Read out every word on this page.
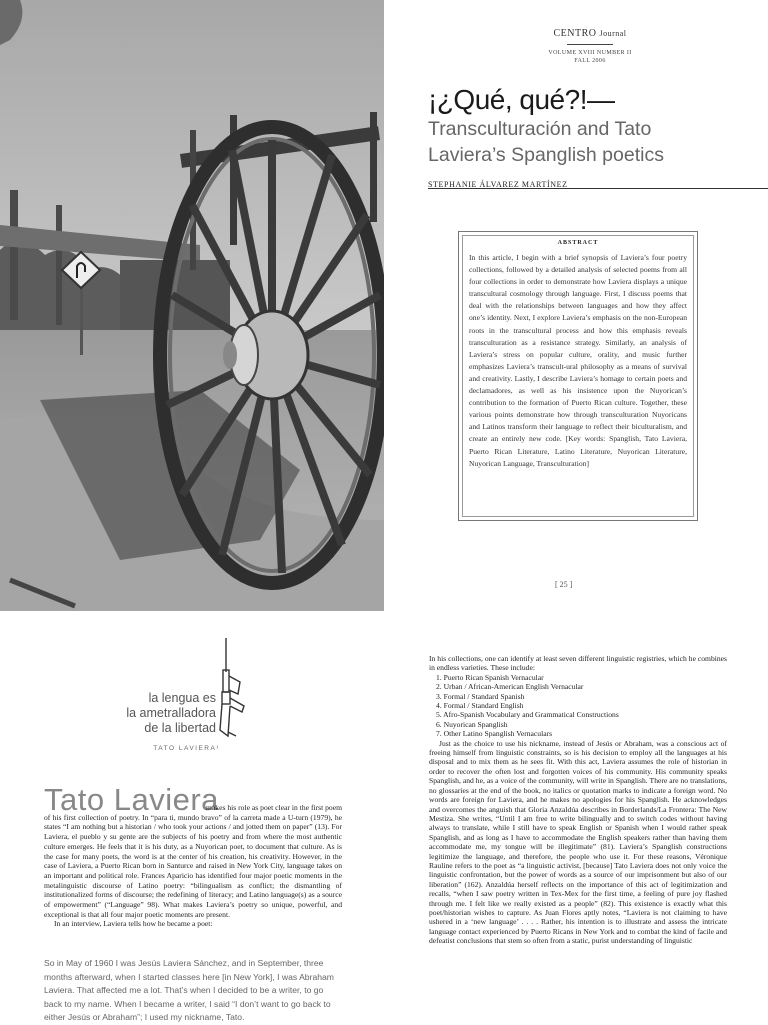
CENTRO Journal
VOLUME XVIII NUMBER II
FALL 2006
¡¿Qué, qué?!—
Transculturación and Tato
Laviera’s Spanglish poetics
STEPHANIE ÁLVAREZ MARTÍNEZ
ABSTRACT
In this article, I begin with a brief synopsis of Laviera’s four poetry collections, followed by a detailed analysis of selected poems from all four collections in order to demonstrate how Laviera displays a unique transcultural cosmology through language. First, I discuss poems that deal with the relationships between languages and how they affect one’s identity. Next, I explore Laviera’s emphasis on the non-European roots in the transcultural process and how this emphasis reveals transculturation as a resistance strategy. Similarly, an analysis of Laviera’s stress on popular culture, orality, and music further emphasizes Laviera’s transcult-ural philosophy as a means of survival and creativity. Lastly, I describe Laviera’s homage to certain poets and declamadores, as well as his insistence upon the Nuyorican’s contribution to the formation of Puerto Rican culture. Together, these various points demonstrate how through transculturation Nuyoricans and Latinos transform their language to reflect their biculturalism, and create an entirely new code. [Key words: Spanglish, Tato Laviera, Puerto Rican Literature, Latino Literature, Nuyorican Literature, Nuyorican Language, Transculturation]
[ 25 ]
la lengua es
la ametralladora
de la libertad
TATO LAVIERA¹
Tato Laviera

makes his role as poet clear in the first poem of his first collection of poetry. In “para ti, mundo bravo” of la carreta made a U-turn (1979), he states “I am nothing but a historian / who took your actions / and jotted them on paper” (13). For Laviera, el pueblo y su gente are the subjects of his poetry and from where the most authentic culture emerges. He feels that it is his duty, as a Nuyorican poet, to document that culture. As is the case for many poets, the word is at the center of his creation, his creativity. However, in the case of Laviera, a Puerto Rican born in Santurce and raised in New York City, language takes on an important and political role. Frances Aparicio has identified four major poetic moments in the metalinguistic discourse of Latino poetry: “bilingualism as conflict; the dismantling of institutionalized forms of discourse; the redefining of literacy; and Latino language(s) as a source of empowerment” (“Language” 98). What makes Laviera’s poetry so unique, powerful, and exceptional is that all four major poetic moments are present.

In an interview, Laviera tells how he became a poet:

So in May of 1960 I was Jesús Laviera Sánchez, and in September, three months afterward, when I started classes here [in New York], I was Abraham Laviera. That affected me a lot. That’s when I decided to be a writer, to go back to my name. When I became a writer, I said “I don’t want to go back to either Jesús or Abraham”; I used my nickname, Tato.

In his collections, one can identify at least seven different linguistic registries, which he combines in endless varieties. These include:

1. Puerto Rican Spanish Vernacular
2. Urban / African-American English Vernacular
3. Formal / Standard Spanish
4. Formal / Standard English
5. Afro-Spanish Vocabulary and Grammatical Constructions
6. Nuyorican Spanglish
7. Other Latino Spanglish Vernaculars

Just as the choice to use his nickname, instead of Jesús or Abraham, was a conscious act of freeing himself from linguistic constraints, so is his decision to employ all the languages at his disposal and to mix them as he sees fit. With this act, Laviera assumes the role of historian in order to recover the often lost and forgotten voices of his community. His community speaks Spanglish, and he, as a voice of the community, will write in Spanglish. There are no translations, no glossaries at the end of the book, no italics or quotation marks to indicate a foreign word. No words are foreign for Laviera, and he makes no apologies for his Spanglish. He acknowledges and overcomes the anguish that Gloria Anzaldúa describes in Borderlands/La Frontera: The New Mestiza. She writes, “Until I am free to write bilingually and to switch codes without having always to translate, while I still have to speak English or Spanish when I would rather speak Spanglish, and as long as I have to accommodate the English speakers rather than having them accommodate me, my tongue will be illegitimate” (81). Laviera’s Spanglish constructions legitimize the language, and therefore, the people who use it. For these reasons, Véronique Rauline refers to the poet as “a linguistic activist, [because] Tato Laviera does not only voice the linguistic confrontation, but the power of words as a source of our imprisonment but also of our liberation” (162). Anzaldúa herself reflects on the importance of this act of legitimization and recalls, “when I saw poetry written in Tex-Mex for the first time, a feeling of pure joy flashed through me. I felt like we really existed as a people” (82). This existence is exactly what this poet/historian wishes to capture. As Juan Flores aptly notes, “Laviera is not claiming to have ushered in a ‘new language’ . . . . Rather, his intention is to illustrate and assess the intricate language contact experienced by Puerto Ricans in New York and to combat the kind of facile and defeatist conclusions that stem so often from a static, purist understanding of linguistic
